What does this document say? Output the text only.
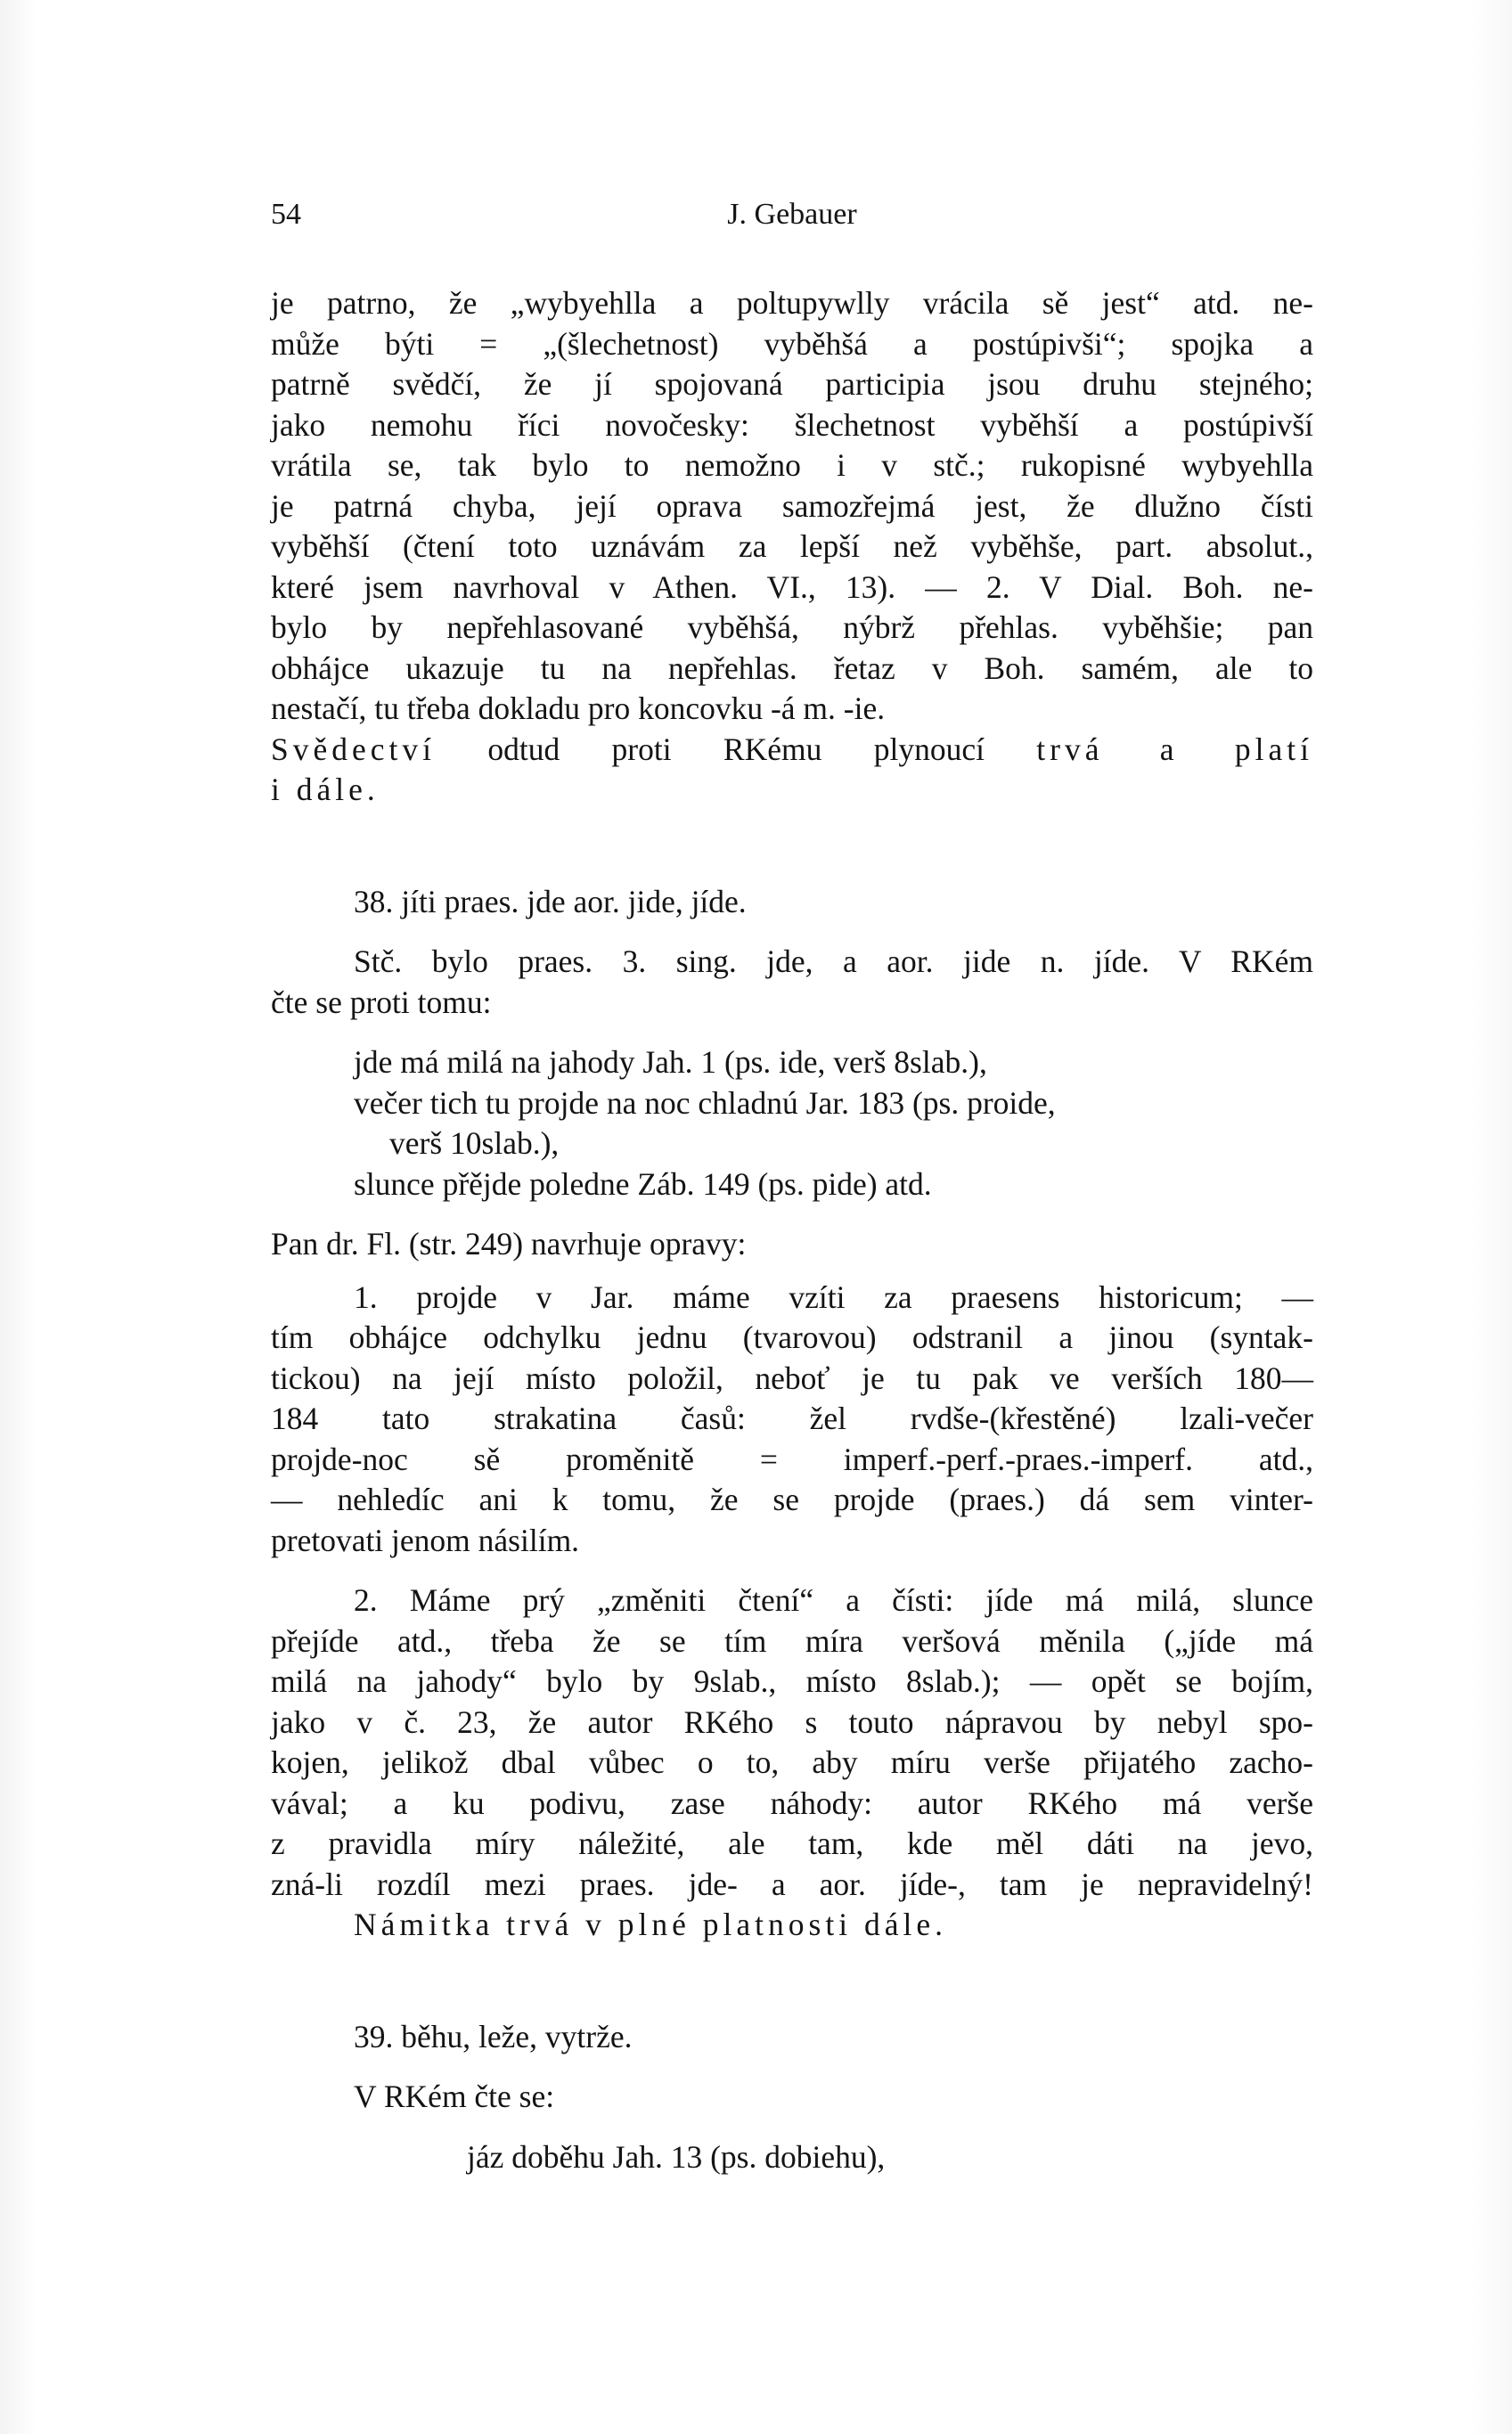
54	J. Gebauer

je patrno, že „wybyehlla a poltupywlly vrácila sě jest“ atd. ne-

může býti = „(šlechetnost) vyběhšá a postúpivši“; spojka a

patrně svědčí, že jí spojovaná participia jsou druhu stejného;

jako nemohu říci novočesky: šlechetnost vyběhší a postúpivší

vrátila se, tak bylo to nemožno i v stč.; rukopisné wybyehlla

je patrná chyba, její oprava samozřejmá jest, že dlužno čísti

vyběhší (čtení toto uznávám za lepší než vyběhše, part. absolut.,

které jsem navrhoval v Athen. VI., 13). — 2. V Dial. Boh. ne-

bylo by nepřehlasované vyběhšá, nýbrž přehlas. vyběhšie; pan

obhájce ukazuje tu na nepřehlas. řetaz v Boh. samém, ale to

nestačí, tu třeba dokladu pro koncovku -á m. -ie.

Svědectví odtud proti RKému plynoucí trvá a platí

i dále.

38. jíti praes. jde aor. jide, jíde.

Stč. bylo praes. 3. sing. jde, a aor. jide n. jíde. V RKém

čte se proti tomu:

jde má milá na jahody Jah. 1 (ps. ide, verš 8slab.),

večer tich tu projde na noc chladnú Jar. 183 (ps. proide,

verš 10slab.),

slunce přějde poledne Záb. 149 (ps. pide) atd.

Pan dr. Fl. (str. 249) navrhuje opravy:

1. projde v Jar. máme vzíti za praesens historicum; —

tím obhájce odchylku jednu (tvarovou) odstranil a jinou (syntak-

tickou) na její místo položil, neboť je tu pak ve verších 180—

184 tato strakatina časů: žel rvdše-(křestěné) lzali-večer

projde-noc sě proměnitě = imperf.-perf.-praes.-imperf. atd.,

— nehledíc ani k tomu, že se projde (praes.) dá sem vinter-

pretovati jenom násilím.

2. Máme prý „změniti čtení“ a čísti: jíde má milá, slunce

přejíde atd., třeba že se tím míra veršová měnila („jíde má

milá na jahody“ bylo by 9slab., místo 8slab.); — opět se bojím,

jako v č. 23, že autor RKého s touto nápravou by nebyl spo-

kojen, jelikož dbal vůbec o to, aby míru verše přijatého zacho-

vával; a ku podivu, zase náhody: autor RKého má verše

z pravidla míry náležité, ale tam, kde měl dáti na jevo,

zná-li rozdíl mezi praes. jde- a aor. jíde-, tam je nepravidelný!

Námitka trvá v plné platnosti dále.

39. běhu, leže, vytrže.

V RKém čte se:

jáz doběhu Jah. 13 (ps. dobiehu),
